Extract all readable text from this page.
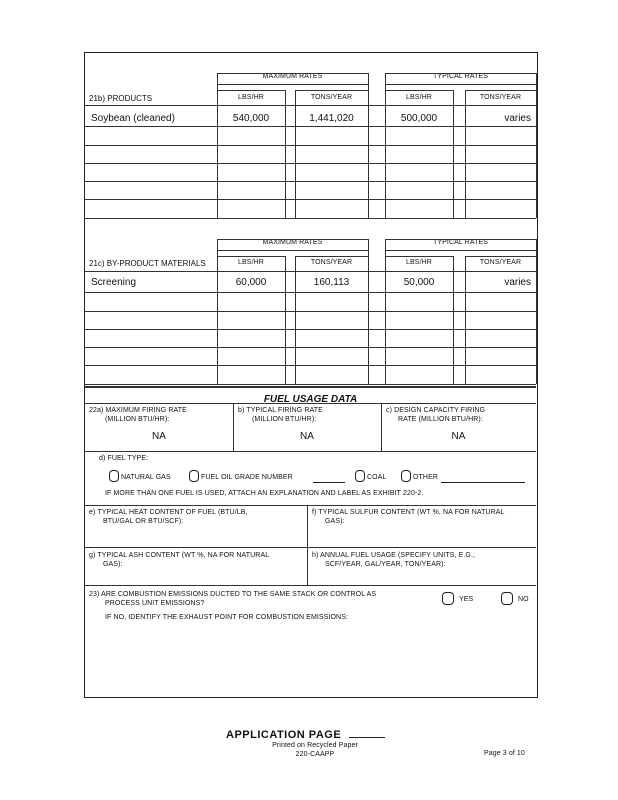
MAXIMUM RATES	TYPICAL RATES
21b) PRODUCTS	LBS/HR	TONS/YEAR	LBS/HR	TONS/YEAR
Soybean (cleaned)	540,000	1,441,020	500,000	varies
MAXIMUM RATES	TYPICAL RATES
21c) BY-PRODUCT MATERIALS	LBS/HR	TONS/YEAR	LBS/HR	TONS/YEAR
Screening	60,000	160,113	50,000	varies
FUEL USAGE DATA
22a) MAXIMUM FIRING RATE
(MILLION BTU/HR):
NA
b) TYPICAL FIRING RATE
(MILLION BTU/HR):
NA
c) DESIGN CAPACITY FIRING
RATE (MILLION BTU/HR):
NA
d) FUEL TYPE:
NATURAL GAS	FUEL OIL GRADE NUMBER	COAL	OTHER
IF MORE THAN ONE FUEL IS USED, ATTACH AN EXPLANATION AND LABEL AS EXHIBIT 220-2.
e) TYPICAL HEAT CONTENT OF FUEL (BTU/LB,
BTU/GAL OR BTU/SCF):
f) TYPICAL SULFUR CONTENT (WT %, NA FOR NATURAL
GAS):
g) TYPICAL ASH CONTENT (WT %, NA FOR NATURAL
GAS):
h) ANNUAL FUEL USAGE (SPECIFY UNITS, E.G.,
SCF/YEAR, GAL/YEAR, TON/YEAR):
23) ARE COMBUSTION EMISSIONS DUCTED TO THE SAME STACK OR CONTROL AS
PROCESS UNIT EMISSIONS?
YES	NO
IF NO, IDENTIFY THE EXHAUST POINT FOR COMBUSTION EMISSIONS:
APPLICATION PAGE
Printed on Recycled Paper
220-CAAPP	Page 3 of 10
